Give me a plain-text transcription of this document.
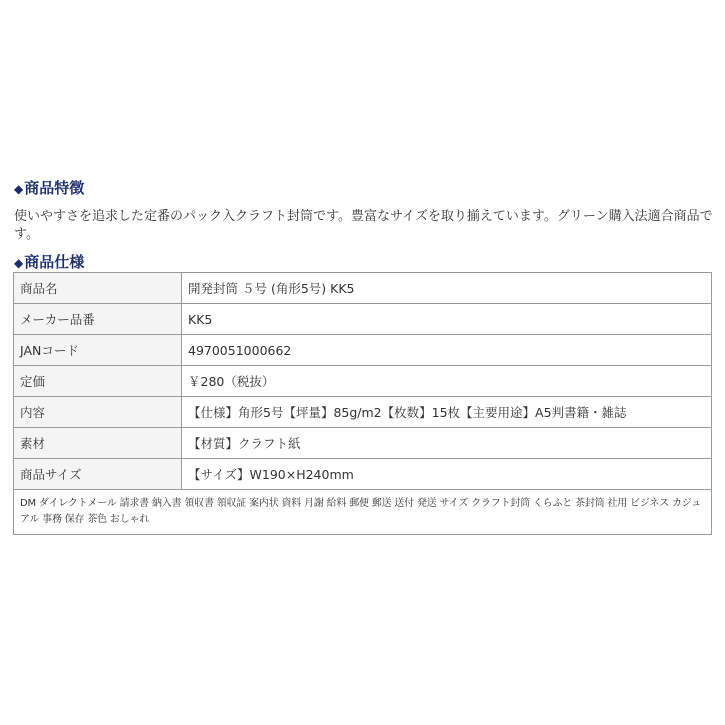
◆商品特徴

使いやすさを追求した定番のパック入クラフト封筒です。豊富なサイズを取り揃えています。グリーン購入法適合商品です。

◆商品仕様
商品名	開発封筒 ５号 (角形5号) KK5
メーカー品番	KK5
JANコード	4970051000662
定価	￥280（税抜）
内容	【仕様】角形5号【坪量】85g/m2【枚数】15枚【主要用途】A5判書籍・雑誌
素材	【材質】クラフト紙
商品サイズ	【サイズ】W190×H240mm
DM ダイレクトメール 請求書 納入書 領収書 領収証 案内状 資料 月謝 給料 郵便 郵送 送付 発送 サイズ クラフト封筒 くらふと 茶封筒 社用 ビジネス カジュアル 事務 保存 茶色 おしゃれ	
